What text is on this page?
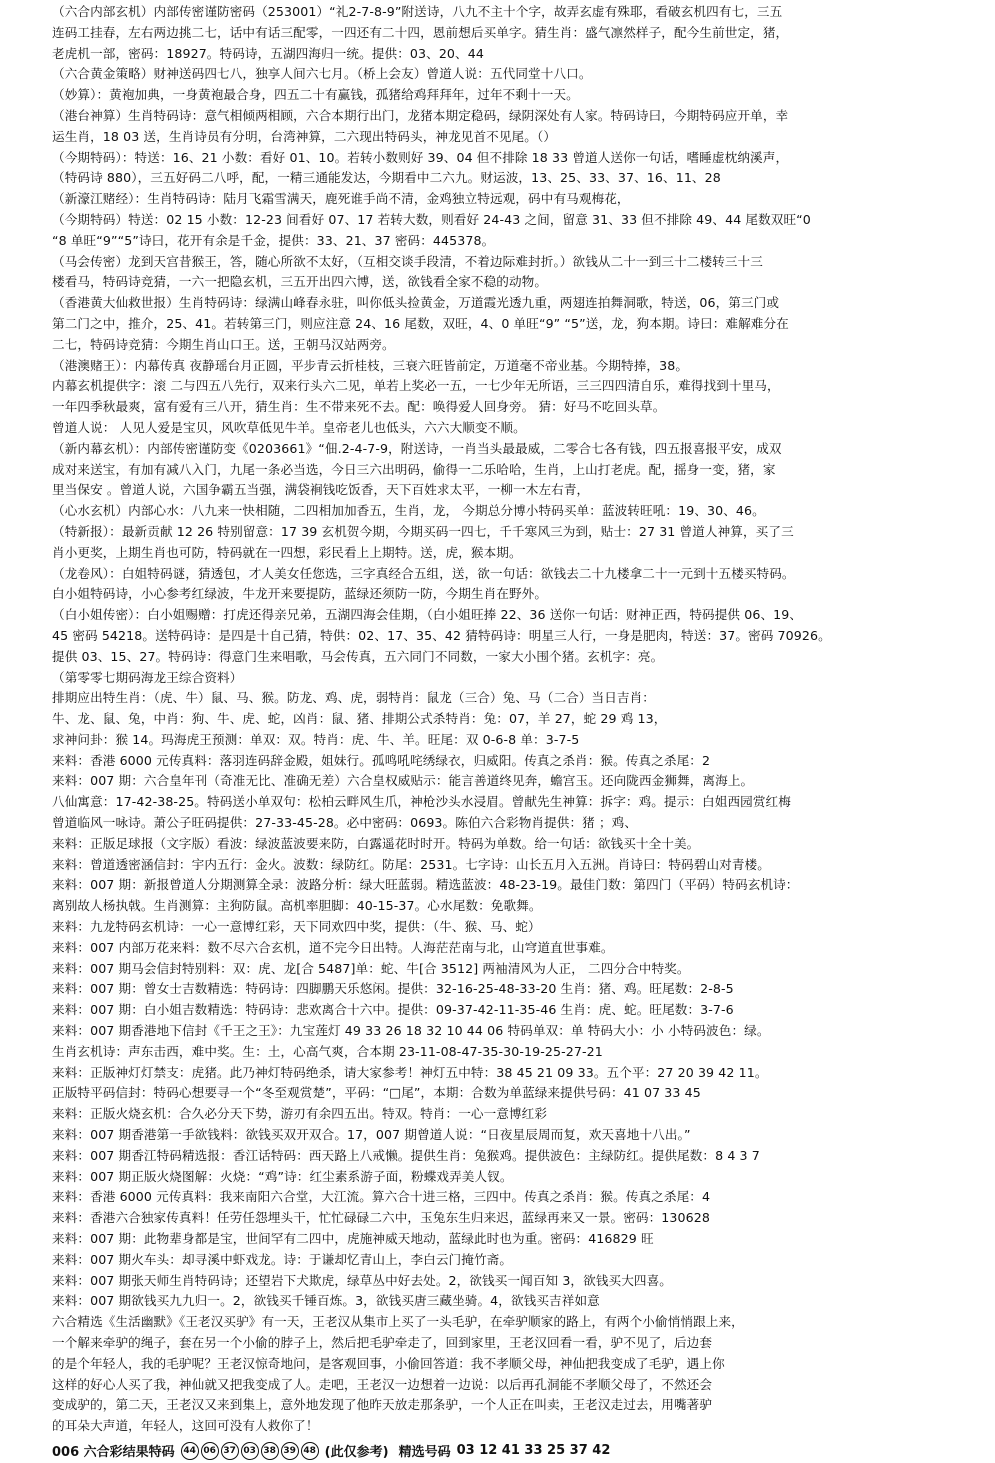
（六合内部玄机）内部传密谨防密码（253001）“礼2-7-8-9”附送诗，八九不主十个字，故弄玄虚有殊耶，看破玄机四有七，三五
连码工挂春，左右两边挑二七，话中有话三配零，一四还有二十四，恩前想后买单字。猜生肖：盛气凛然样子，配今生前世定，猪，
老虎机一部，密码：18927。特码诗，五湖四海归一统。提供：03、20、44
（六合黄金策略）财神送码四七八，独享人间六七月。（桥上会友）曾道人说：五代同堂十八口。
（妙算）：黄袍加典，一身黄袍最合身，四五二十有赢钱，孤猪给鸡拜拜年，过年不剩十一天。
（港台神算）生肖特码诗：意气相倾两相顾，六合本期行出门，龙猪本期定稳码，绿阴深处有人家。特码诗曰，今期特码应开单，幸
运生肖，18 03 送，生肖诗员有分明，台湾神算，二六现出特码头，神龙见首不见尾。（）
（今期特码）：特送：16、21 小数：看好 01、10。若转小数则好 39、04 但不排除 18 33 曾道人送你一句话，嗜睡虚枕纳溪声，
（特码诗 880），三五好码二八呼，配，一精三通能发达，今期看中二六九。财运波，13、25、33、37、16、11、28
（新濠江赌经）：生肖特码诗：陆月飞霜雪满天，鹿死谁手尚不清，金鸡独立特远观，码中有马观梅花，
（今期特码）特送：02 15 小数：12-23 间看好 07、17 若转大数，则看好 24-43 之间，留意 31、33 但不排除 49、44 尾数双旺“0
“8 单旺“9”“5”诗曰，花开有余是千金，提供：33、21、37 密码：445378。
（马会传密）龙到天宫昔猴王，答，随心所欲不太好，（互相交谈手段清，不着边际难封折。）欲钱从二十一到三十二楼转三十三
楼看马，特码诗竞猜，一六一把隐玄机，三五开出四六博，送，欲钱看全家不稳的动物。
（香港黄大仙救世报）生肖特码诗：绿满山峰春永驻，叫你低头捡黄金，万道霞光透九重，两翅连拍舞洞歌，特送，06，第三门或
第二门之中，推介，25、41。若转第三门，则应注意 24、16 尾数，双旺，4、0 单旺“9” “5”送，龙，狗本期。诗曰：难解难分在
二七，特码诗竞猜：今期生肖山口王。送，王朝马汉站两旁。
（港澳赌王）：内幕传真 夜静瑶台月正圆，平步青云折桂枝，三衰六旺皆前定，万道毫不帝业基。今期特捧，38。
内幕玄机提供字：滚 二与四五八先行，双来行头六二见，单若上奖必一五，一七少年无所语，三三四四清自乐，难得找到十里马，
一年四季秋最爽，富有爱有三八开，猜生肖：生不带来死不去。配：唤得爱人回身旁。 猜：好马不吃回头草。
曾道人说： 人见人爱是宝贝，风吹草低见牛羊。皇帝老儿也低头，六六大顺变不顺。
（新内幕玄机）：内部传密谨防变《0203661》“佃.2-4-7-9，附送诗，一肖当头最最威，二零合七各有钱，四五报喜报平安，成双
成对来送宝，有加有减八入门，九尾一条必当选，今日三六出明码，偷得一二乐哈哈，生肖，上山打老虎。配，摇身一变，猪，家
里当保安 。曾道人说，六国争霸五当强，满袋裥钱吃饭香，天下百姓求太平，一柳一木左右青，
（心水玄机）内部心水：八九来一快相随，二四相加加香五，生肖，龙， 今期总分博小特码买单：蓝波转旺吼：19、30、46。
（特新报）：最新贡献 12 26 特别留意：17 39 玄机贺今期，今期买码一四七，千千寒风三为到，贴士：27 31 曾道人神算，买了三
肖小更奖，上期生肖也可防，特码就在一四想，彩民看上上期特。送，虎，猴本期。
（龙卷风）：白姐特码谜，猜透包，才人美女任您选，三字真经合五组，送，欲一句话：欲钱去二十九楼拿二十一元到十五楼买特码。
白小姐特码诗，小心参考红绿波，牛龙开来要提防，蓝绿还须防一防，今期生肖在野外。
（白小姐传密）：白小姐赐赠：打虎还得亲兄弟，五湖四海会佳期，（白小姐旺捧 22、36 送你一句话：财神正西，特码提供 06、19、
45 密码 54218。送特码诗：是四是十自己猜，特供：02、17、35、42 猜特码诗：明星三人行，一身是肥肉，特送：37。密码 70926。
提供 03、15、27。特码诗：得意门生来唱歌，马会传真，五六同门不同数，一家大小围个猪。玄机字：亮。
（第零零七期码海龙王综合资料）
排期应出特生肖：（虎、牛）鼠、马、猴。防龙、鸡、虎，弱特肖：鼠龙（三合）兔、马（二合）当日吉肖：
牛、龙、鼠、兔，中肖：狗、牛、虎、蛇，凶肖：鼠、猪、排期公式杀特肖：兔：07，羊 27，蛇 29 鸡 13，
求神问卦：猴 14。玛海虎王预测：单双：双。特肖：虎、牛、羊。旺尾：双 0-6-8 单：3-7-5
来料：香港 6000 元传真料：落羽连码辞金殿，姐妹行。孤鸣吼咤绣绿衣，归威阳。传真之杀肖：猴。传真之杀尾：2
来料：007 期：六合皇年刊（奇准无比、准确无差）六合皇权威贴示：能言善道终见奔，蟾宫玉。还向陇西金狮舞，离海上。
八仙寓意：17-42-38-25。特码送小单双句：松柏云畔风生爪，神枪沙头水浸眉。曾献先生神算：拆字：鸡。提示：白姐西园赏红梅
曾道临风一咏诗。萧公子旺码提供：27-33-45-28。必中密码：0693。陈伯六合彩物肖提供：猪 ；鸡、
来料：正版足球报（文字版）看波：绿波蓝波要来防，白露遥花时时开。特码为单数。给一句话：欲钱买十全十美。
来料：曾道透密涵信封：宇内五行：金火。波数：绿防红。防尾：2531。七字诗：山长五月入五洲。肖诗曰：特码碧山对青楼。
来料：007 期：新报曾道人分期测算全录：波路分析：绿大旺蓝弱。精选蓝波：48-23-19。最佳门数：第四门（平码）特码玄机诗：
离别故人杨执戟。生肖测算：主狗防鼠。高机率胆脚：40-15-37。心水尾数：免歌舞。
来料：九龙特码玄机诗：一心一意博红彩，天下同欢四中奖，提供：（牛、猴、马、蛇）
来料：007 内部万花来料：数不尽六合玄机，道不完今日出特。人海茫茫南与北，山穹道直世事难。
来料：007 期马会信封特别料：双：虎、龙[合 5487]单：蛇、牛[合 3512] 两袖清风为人正， 二四分合中特奖。
来料：007 期：曾女士吉数精选：特码诗：四脚鹏天乐悠闲。提供：32-16-25-48-33-20 生肖：猪、鸡。旺尾数：2-8-5
来料：007 期：白小姐吉数精选：特码诗：悲欢离合十六中。提供：09-37-42-11-35-46 生肖：虎、蛇。旺尾数：3-7-6
来料：007 期香港地下信封《千王之王》：九宝莲灯 49 33 26 18 32 10 44 06 特码单双：单 特码大小：小 小特码波色：绿。
生肖玄机诗：声东击西，难中奖。生：土，心高气爽，合本期 23-11-08-47-35-30-19-25-27-21
来料：正版神灯灯禁支：虎猪。此乃神灯特码绝杀，请大家参考！神灯五中特：38 45 21 09 33。五个平：27 20 39 42 11。
正版特平码信封：特码心想要寻一个“冬至观赏楚”，平码：“□尾”，本期：合数为单蓝绿来提供号码：41 07 33 45
来料：正版火烧玄机：合久必分天下势，游刃有余四五出。特双。特肖：一心一意博红彩
来料：007 期香港第一手欲钱料：欲钱买双开双合。17，007 期曾道人说：“日夜星辰周而复，欢天喜地十八出。”
来料：007 期香江特码精选报：香江话特码：西天路上八戒懒。提供生肖：兔猴鸡。提供波色：主绿防红。提供尾数：8 4 3 7
来料：007 期正版火烧图解：火烧：“鸡”诗：红尘素系游子面，粉蝶戏弄美人钗。
来料：香港 6000 元传真料：我来南阳六合堂，大江流。算六合十进三格，三四中。传真之杀肖：猴。传真之杀尾：4
来料：香港六合独家传真料！任劳任怨埋头干，忙忙碌碌二六中，玉兔东生归来迟，蓝绿再来又一景。密码：130628
来料：007 期：此物辈身都是宝，世间罕有二四中，虎施神威天地动，蓝绿此时也为重。密码：416829 旺
来料：007 期火车头：却寻溪中虾戏龙。诗：于谦却忆青山上，李白云门掩竹斋。
来料：007 期张天师生肖特码诗；还望岩下犬欺虎，绿草丛中好去处。2，欲钱买一闻百知 3，欲钱买大四喜。
来料：007 期欲钱买九九归一。2，欲钱买千锤百炼。3，欲钱买唐三藏坐骑。4，欲钱买吉祥如意
六合精选《生活幽默》《王老汉买驴》有一天，王老汉从集市上买了一头毛驴，在牵驴顺家的路上，有两个小偷悄悄跟上来，
一个解来牵驴的绳子，套在另一个小偷的脖子上，然后把毛驴牵走了，回到家里，王老汉回看一看，驴不见了，后边套
的是个年轻人，我的毛驴呢？王老汉惊奇地问，是客观回事，小偷回答道：我不孝顺父母，神仙把我变成了毛驴，遇上你
这样的好心人买了我，神仙就又把我变成了人。走吧，王老汉一边想着一边说：以后再孔洞能不孝顺父母了，不然还会
变成驴的，第二天，王老汉又来到集上，意外地发现了他昨天放走那条驴，一个人正在叫卖，王老汉走过去，用嘴著驴
的耳朵大声道，年轻人，这回可没有人救你了！
006 六合彩结果特码 44 06 37 03 38 39 48 (此仅参考) 精选号码 03 12 41 33 25 37 42
